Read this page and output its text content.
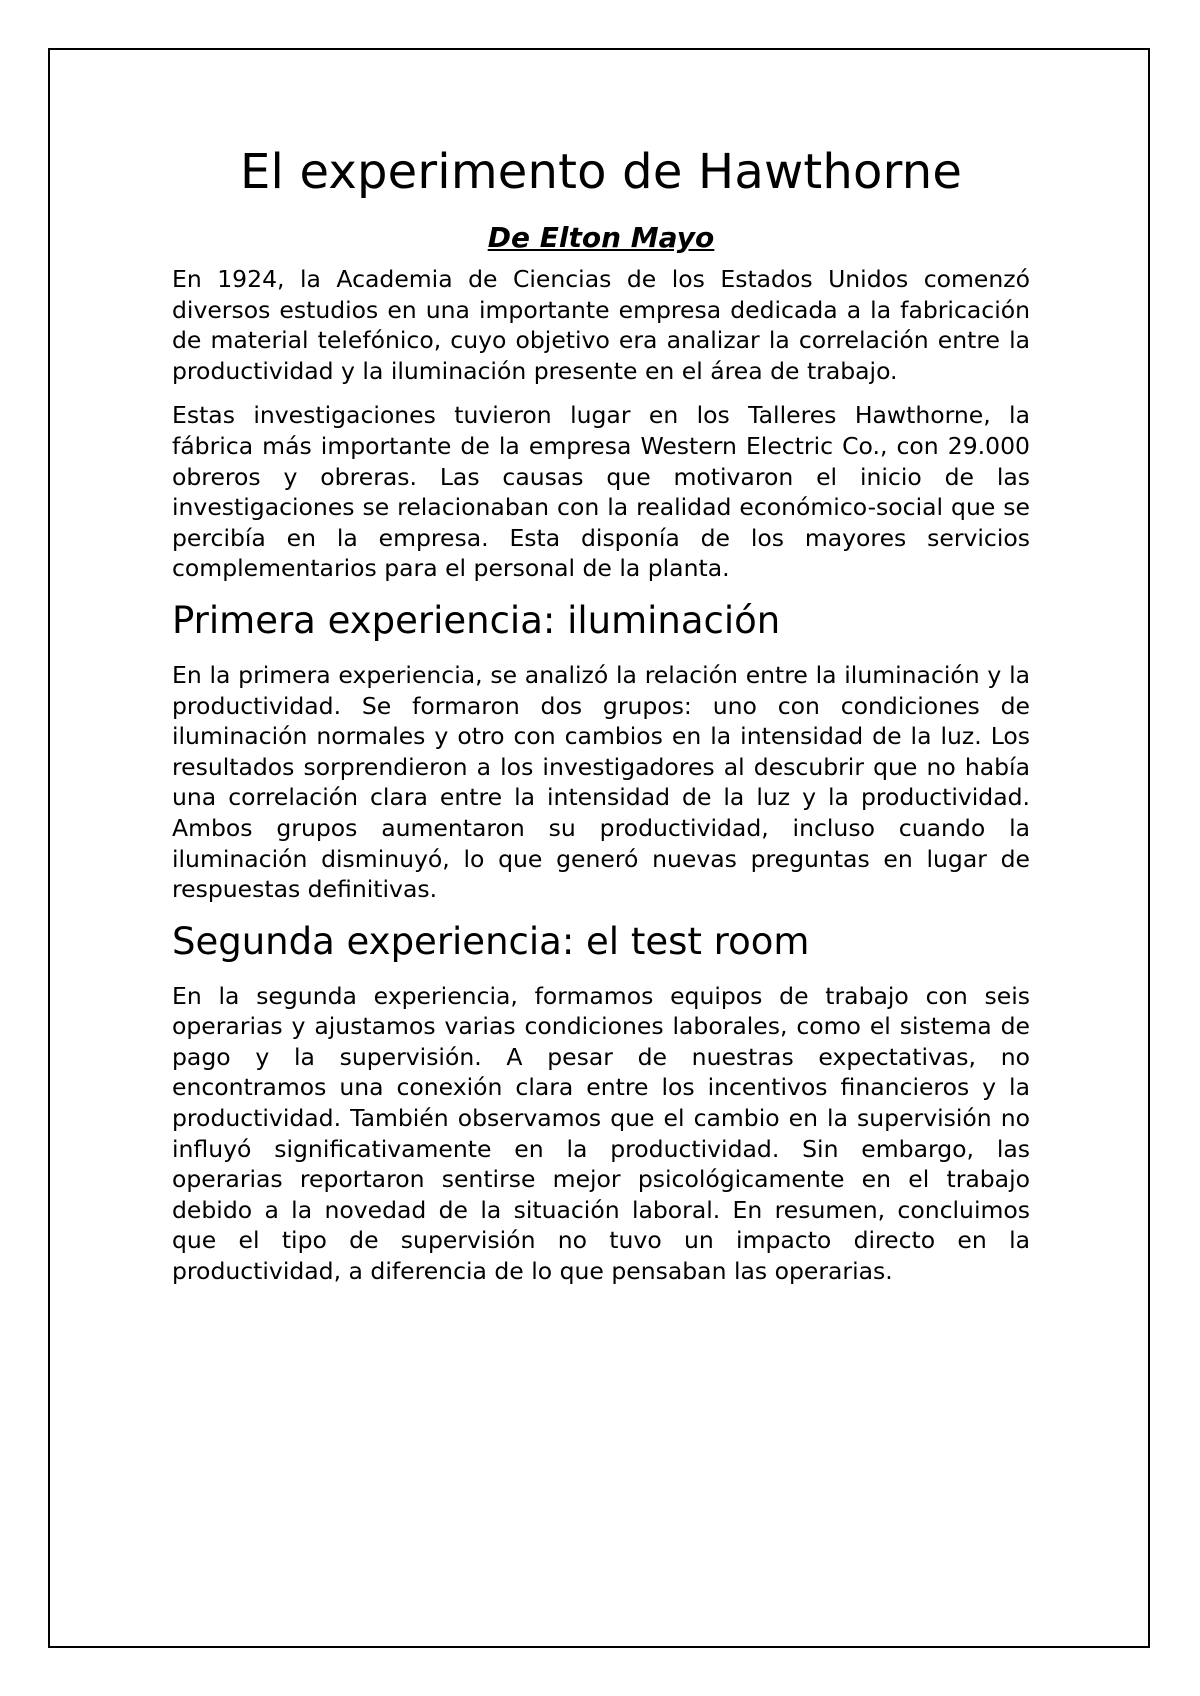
El experimento de Hawthorne
De Elton Mayo

En 1924, la Academia de Ciencias de los Estados Unidos comenzó diversos estudios en una importante empresa dedicada a la fabricación de material telefónico, cuyo objetivo era analizar la correlación entre la productividad y la iluminación presente en el área de trabajo.

Estas investigaciones tuvieron lugar en los Talleres Hawthorne, la fábrica más importante de la empresa Western Electric Co., con 29.000 obreros y obreras. Las causas que motivaron el inicio de las investigaciones se relacionaban con la realidad económico-social que se percibía en la empresa. Esta disponía de los mayores servicios complementarios para el personal de la planta.

Primera experiencia: iluminación

En la primera experiencia, se analizó la relación entre la iluminación y la productividad. Se formaron dos grupos: uno con condiciones de iluminación normales y otro con cambios en la intensidad de la luz. Los resultados sorprendieron a los investigadores al descubrir que no había una correlación clara entre la intensidad de la luz y la productividad. Ambos grupos aumentaron su productividad, incluso cuando la iluminación disminuyó, lo que generó nuevas preguntas en lugar de respuestas definitivas.

Segunda experiencia: el test room

En la segunda experiencia, formamos equipos de trabajo con seis operarias y ajustamos varias condiciones laborales, como el sistema de pago y la supervisión. A pesar de nuestras expectativas, no encontramos una conexión clara entre los incentivos financieros y la productividad. También observamos que el cambio en la supervisión no influyó significativamente en la productividad. Sin embargo, las operarias reportaron sentirse mejor psicológicamente en el trabajo debido a la novedad de la situación laboral. En resumen, concluimos que el tipo de supervisión no tuvo un impacto directo en la productividad, a diferencia de lo que pensaban las operarias.
